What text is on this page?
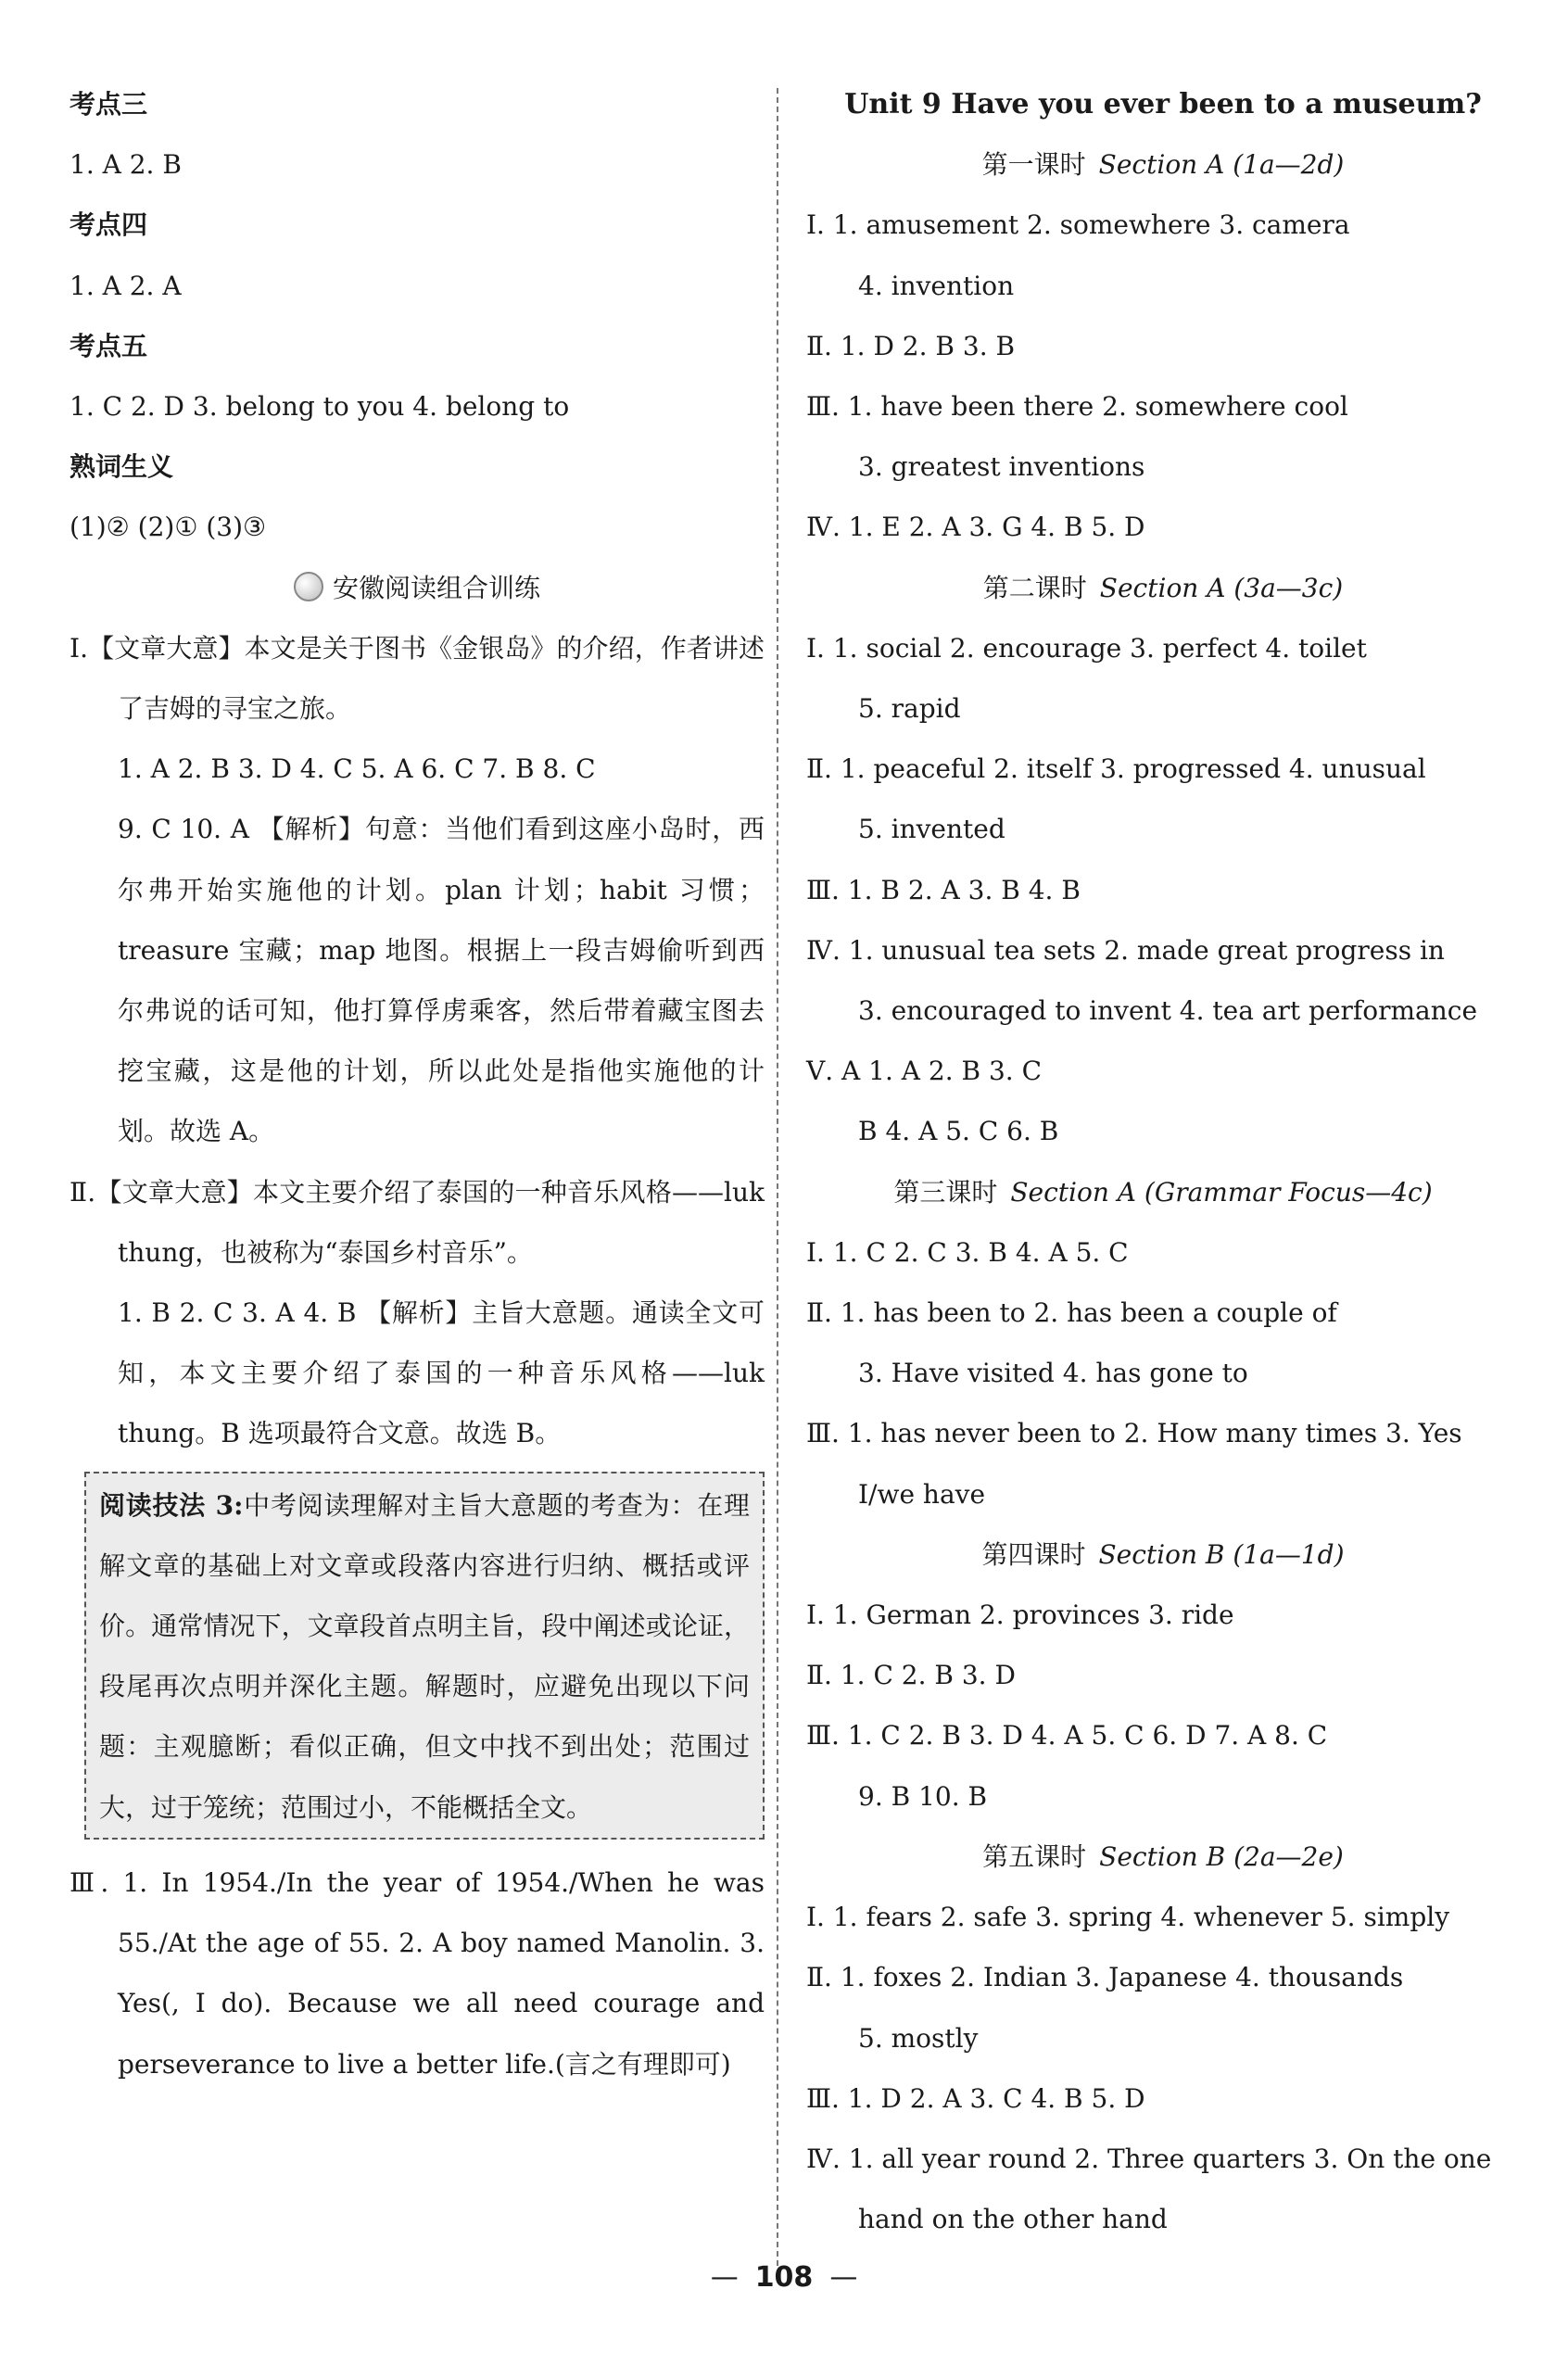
考点三
1. A 2. B
考点四
1. A 2. A
考点五
1. C 2. D 3. belong to you 4. belong to
熟词生义
(1)② (2)① (3)③
安徽阅读组合训练
Ⅰ.【文章大意】本文是关于图书《金银岛》的介绍，作者讲述了吉姆的寻宝之旅。
1. A 2. B 3. D 4. C 5. A 6. C 7. B 8. C
9. C 10. A 【解析】句意：当他们看到这座小岛时，西尔弗开始实施他的计划。plan 计划；habit 习惯；treasure 宝藏；map 地图。根据上一段吉姆偷听到西尔弗说的话可知，他打算俘虏乘客，然后带着藏宝图去挖宝藏，这是他的计划，所以此处是指他实施他的计划。故选 A。
Ⅱ.【文章大意】本文主要介绍了泰国的一种音乐风格——luk thung，也被称为“泰国乡村音乐”。
1. B 2. C 3. A 4. B 【解析】主旨大意题。通读全文可知，本文主要介绍了泰国的一种音乐风格——luk thung。B 选项最符合文意。故选 B。
阅读技法 3:中考阅读理解对主旨大意题的考查为：在理解文章的基础上对文章或段落内容进行归纳、概括或评价。通常情况下，文章段首点明主旨，段中阐述或论证，段尾再次点明并深化主题。解题时，应避免出现以下问题：主观臆断；看似正确，但文中找不到出处；范围过大，过于笼统；范围过小，不能概括全文。
Ⅲ. 1. In 1954./In the year of 1954./When he was 55./At the age of 55. 2. A boy named Manolin. 3. Yes(, I do). Because we all need courage and perseverance to live a better life.(言之有理即可)
Unit 9 Have you ever been to a museum?
第一课时 Section A (1a—2d)
Ⅰ. 1. amusement 2. somewhere 3. camera
4. invention
Ⅱ. 1. D 2. B 3. B
Ⅲ. 1. have been there 2. somewhere cool
3. greatest inventions
Ⅳ. 1. E 2. A 3. G 4. B 5. D
第二课时 Section A (3a—3c)
Ⅰ. 1. social 2. encourage 3. perfect 4. toilet
5. rapid
Ⅱ. 1. peaceful 2. itself 3. progressed 4. unusual
5. invented
Ⅲ. 1. B 2. A 3. B 4. B
Ⅳ. 1. unusual tea sets 2. made great progress in
3. encouraged to invent 4. tea art performance
Ⅴ. A 1. A 2. B 3. C
B 4. A 5. C 6. B
第三课时 Section A (Grammar Focus—4c)
Ⅰ. 1. C 2. C 3. B 4. A 5. C
Ⅱ. 1. has been to 2. has been a couple of
3. Have visited 4. has gone to
Ⅲ. 1. has never been to 2. How many times 3. Yes
I/we have
第四课时 Section B (1a—1d)
Ⅰ. 1. German 2. provinces 3. ride
Ⅱ. 1. C 2. B 3. D
Ⅲ. 1. C 2. B 3. D 4. A 5. C 6. D 7. A 8. C
9. B 10. B
第五课时 Section B (2a—2e)
Ⅰ. 1. fears 2. safe 3. spring 4. whenever 5. simply
Ⅱ. 1. foxes 2. Indian 3. Japanese 4. thousands
5. mostly
Ⅲ. 1. D 2. A 3. C 4. B 5. D
Ⅳ. 1. all year round 2. Three quarters 3. On the one
hand on the other hand
— 108 —
